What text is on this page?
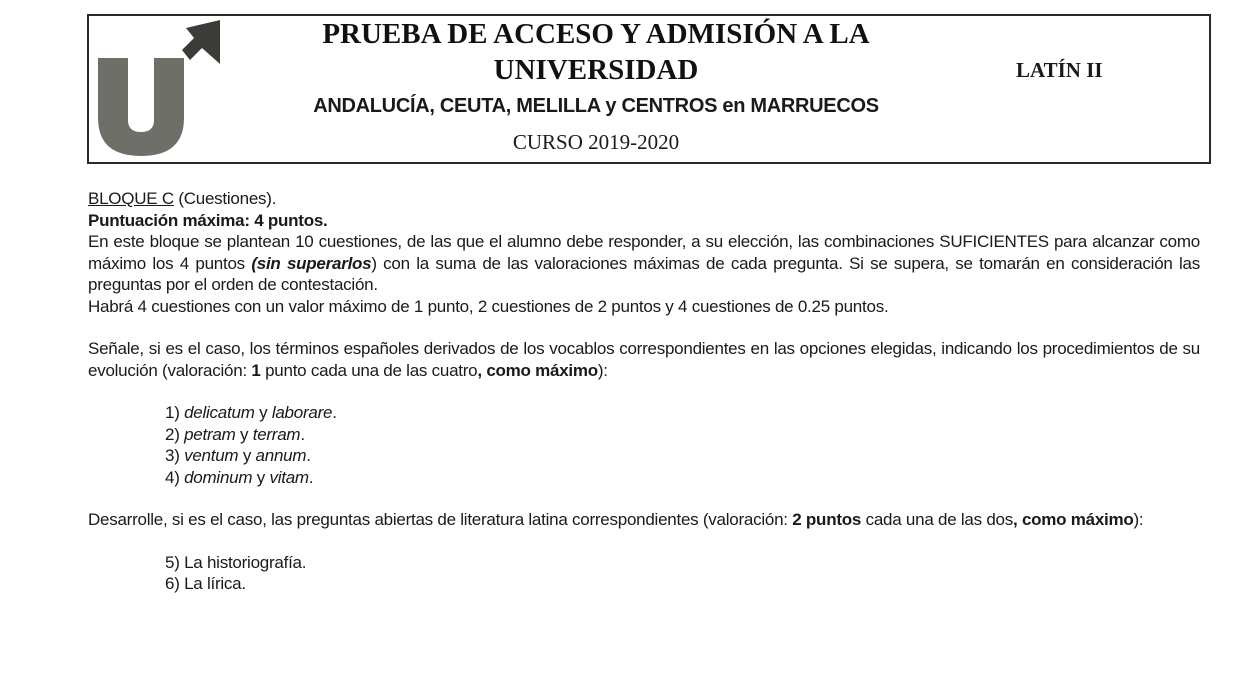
PRUEBA DE ACCESO Y ADMISIÓN A LA
UNIVERSIDAD
ANDALUCÍA, CEUTA, MELILLA y CENTROS en MARRUECOS
CURSO 2019-2020
LATÍN II

BLOQUE C (Cuestiones).

Puntuación máxima: 4 puntos.

En este bloque se plantean 10 cuestiones, de las que el alumno debe responder, a su elección, las combinaciones SUFICIENTES para alcanzar como máximo los 4 puntos (sin superarlos) con la suma de las valoraciones máximas de cada pregunta. Si se supera, se tomarán en consideración las preguntas por el orden de contestación.

Habrá 4 cuestiones con un valor máximo de 1 punto, 2 cuestiones de 2 puntos y 4 cuestiones de 0.25 puntos.

Señale, si es el caso, los términos españoles derivados de los vocablos correspondientes en las opciones elegidas, indicando los procedimientos de su evolución (valoración: 1 punto cada una de las cuatro, como máximo):

1) delicatum y laborare.
2) petram y terram.
3) ventum y annum.
4) dominum y vitam.

Desarrolle, si es el caso, las preguntas abiertas de literatura latina correspondientes (valoración: 2 puntos cada una de las dos, como máximo):

5) La historiografía.
6) La lírica.
